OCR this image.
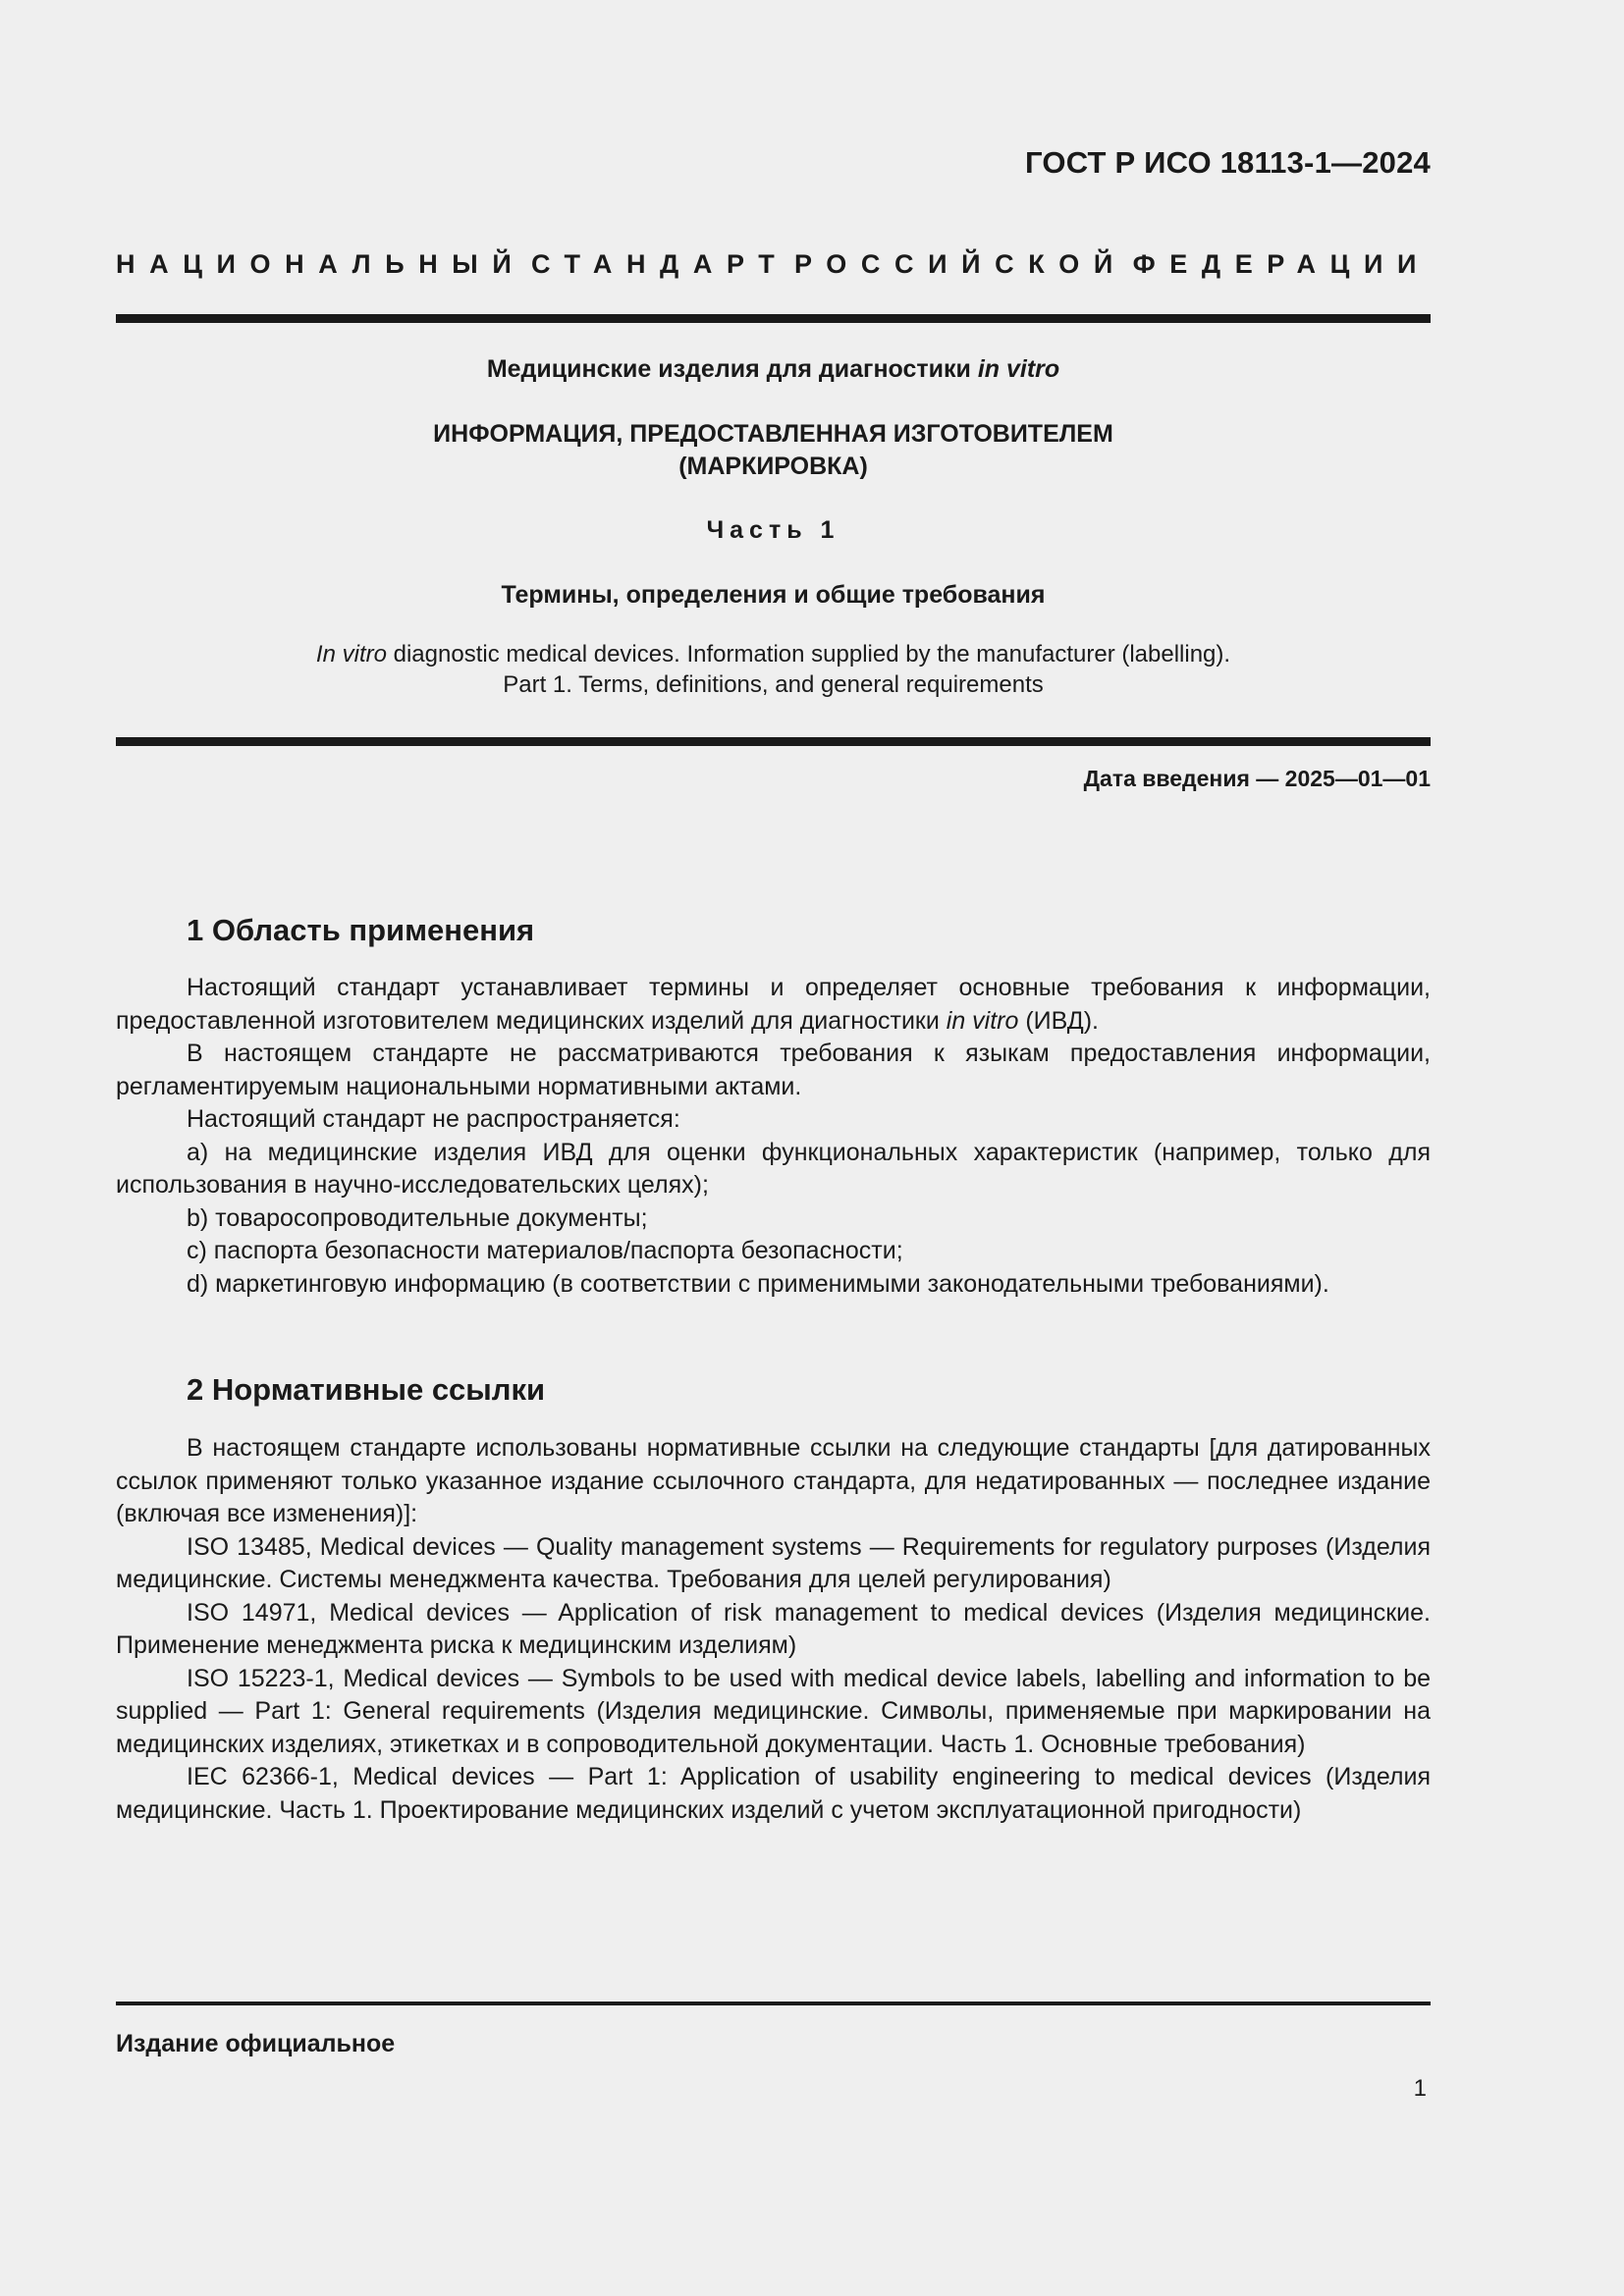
ГОСТ Р ИСО 18113-1—2024
НАЦИОНАЛЬНЫЙ СТАНДАРТ РОССИЙСКОЙ ФЕДЕРАЦИИ
Медицинские изделия для диагностики in vitro
ИНФОРМАЦИЯ, ПРЕДОСТАВЛЕННАЯ ИЗГОТОВИТЕЛЕМ
(МАРКИРОВКА)
Часть 1
Термины, определения и общие требования
In vitro diagnostic medical devices. Information supplied by the manufacturer (labelling).
Part 1. Terms, definitions, and general requirements
Дата введения — 2025—01—01
1 Область применения

Настоящий стандарт устанавливает термины и определяет основные требования к информации, предоставленной изготовителем медицинских изделий для диагностики in vitro (ИВД).

В настоящем стандарте не рассматриваются требования к языкам предоставления информации, регламентируемым национальными нормативными актами.

Настоящий стандарт не распространяется:

a) на медицинские изделия ИВД для оценки функциональных характеристик (например, только для использования в научно-исследовательских целях);

b) товаросопроводительные документы;

c) паспорта безопасности материалов/паспорта безопасности;

d) маркетинговую информацию (в соответствии с применимыми законодательными требованиями).

2 Нормативные ссылки

В настоящем стандарте использованы нормативные ссылки на следующие стандарты [для датированных ссылок применяют только указанное издание ссылочного стандарта, для недатированных — последнее издание (включая все изменения)]:

ISO 13485, Medical devices — Quality management systems — Requirements for regulatory purposes (Изделия медицинские. Системы менеджмента качества. Требования для целей регулирования)

ISO 14971, Medical devices — Application of risk management to medical devices (Изделия медицинские. Применение менеджмента риска к медицинским изделиям)

ISO 15223-1, Medical devices — Symbols to be used with medical device labels, labelling and information to be supplied — Part 1: General requirements (Изделия медицинские. Символы, применяемые при маркировании на медицинских изделиях, этикетках и в сопроводительной документации. Часть 1. Основные требования)

IEC 62366-1, Medical devices — Part 1: Application of usability engineering to medical devices (Изделия медицинские. Часть 1. Проектирование медицинских изделий с учетом эксплуатационной пригодности)

Издание официальное
1
